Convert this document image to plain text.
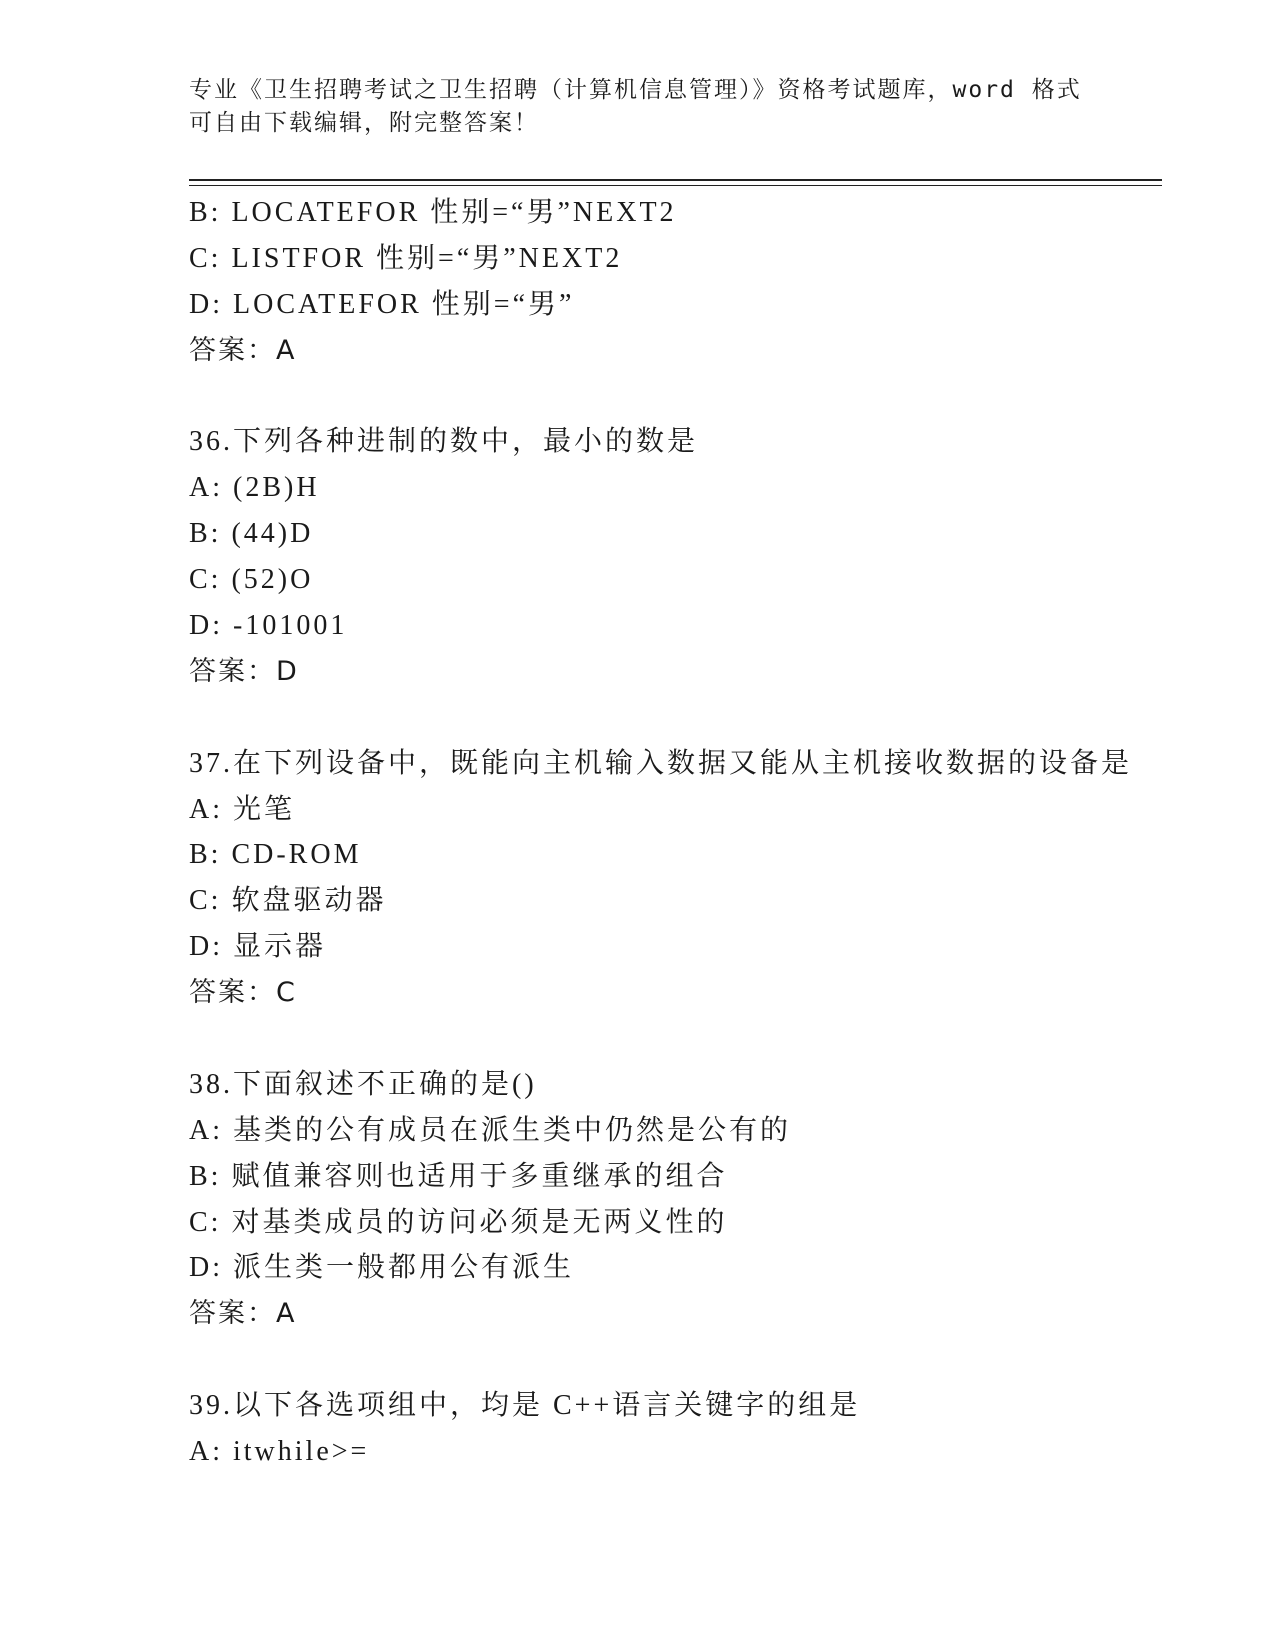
专业《卫生招聘考试之卫生招聘（计算机信息管理）》资格考试题库，word 格式
可自由下载编辑，附完整答案！
B: LOCATEFOR 性别=“男”NEXT2
C: LISTFOR 性别=“男”NEXT2
D: LOCATEFOR 性别=“男”
答案：A
36.下列各种进制的数中，最小的数是
A: (2B)H
B: (44)D
C: (52)O
D: -101001
答案：D
37.在下列设备中，既能向主机输入数据又能从主机接收数据的设备是
A: 光笔
B: CD-ROM
C: 软盘驱动器
D: 显示器
答案：C
38.下面叙述不正确的是()
A: 基类的公有成员在派生类中仍然是公有的
B: 赋值兼容则也适用于多重继承的组合
C: 对基类成员的访问必须是无两义性的
D: 派生类一般都用公有派生
答案：A
39.以下各选项组中，均是 C++语言关键字的组是
A: itwhile>=
